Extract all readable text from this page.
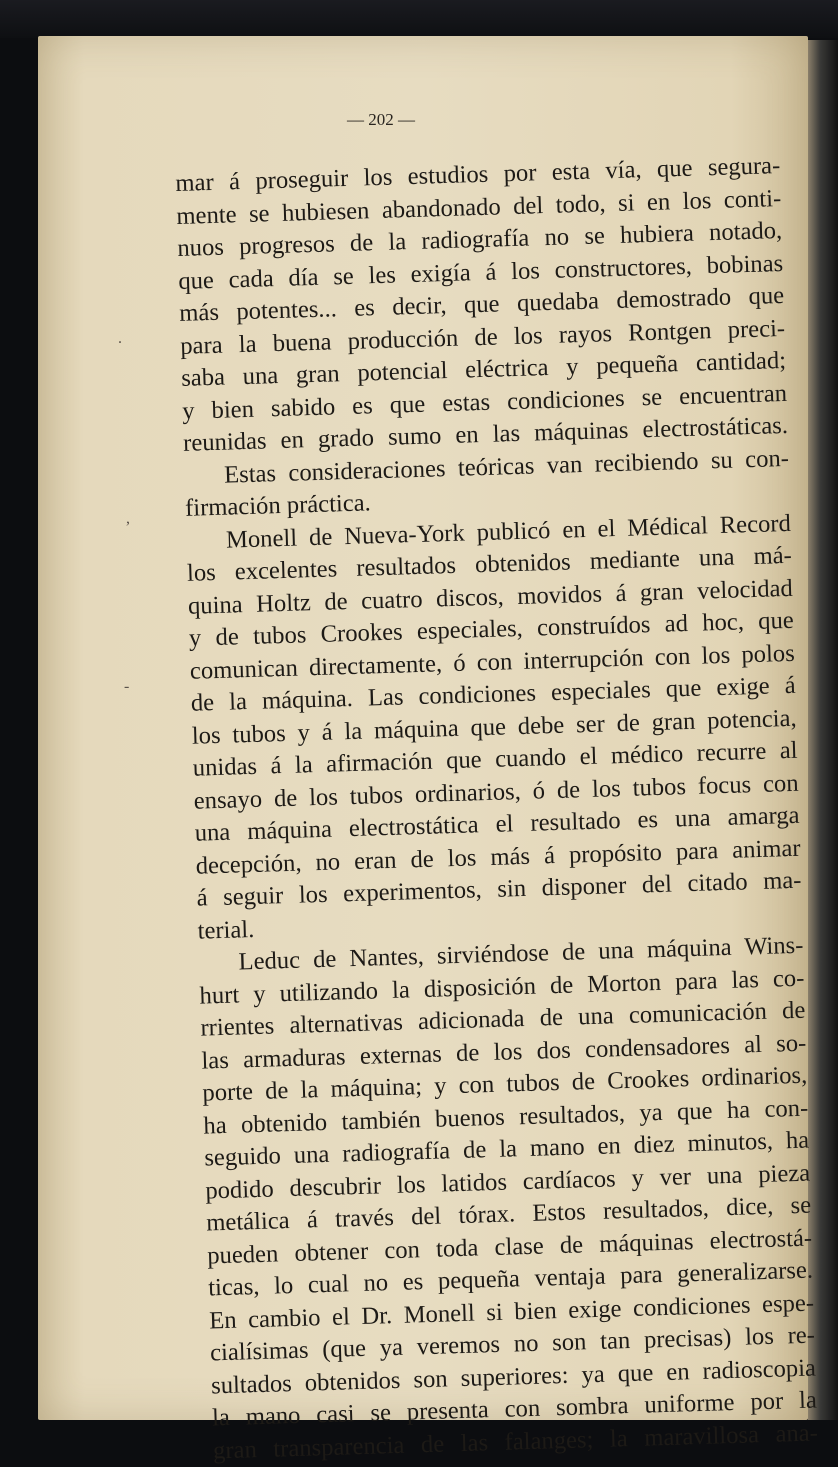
— 202 —
mar á proseguir los estudios por esta vía, que segura-
mente se hubiesen abandonado del todo, si en los conti-
nuos progresos de la radiografía no se hubiera notado,
que cada día se les exigía á los constructores, bobinas
más potentes... es decir, que quedaba demostrado que
para la buena producción de los rayos Rontgen preci-
saba una gran potencial eléctrica y pequeña cantidad;
y bien sabido es que estas condiciones se encuentran
reunidas en grado sumo en las máquinas electrostáticas.
Estas consideraciones teóricas van recibiendo su con-
firmación práctica.
Monell de Nueva-York publicó en el Médical Record
los excelentes resultados obtenidos mediante una má-
quina Holtz de cuatro discos, movidos á gran velocidad
y de tubos Crookes especiales, construídos ad hoc, que
comunican directamente, ó con interrupción con los polos
de la máquina. Las condiciones especiales que exige á
los tubos y á la máquina que debe ser de gran potencia,
unidas á la afirmación que cuando el médico recurre al
ensayo de los tubos ordinarios, ó de los tubos focus con
una máquina electrostática el resultado es una amarga
decepción, no eran de los más á propósito para animar
á seguir los experimentos, sin disponer del citado ma-
terial.
Leduc de Nantes, sirviéndose de una máquina Wins-
hurt y utilizando la disposición de Morton para las co-
rrientes alternativas adicionada de una comunicación de
las armaduras externas de los dos condensadores al so-
porte de la máquina; y con tubos de Crookes ordinarios,
ha obtenido también buenos resultados, ya que ha con-
seguido una radiografía de la mano en diez minutos, ha
podido descubrir los latidos cardíacos y ver una pieza
metálica á través del tórax. Estos resultados, dice, se
pueden obtener con toda clase de máquinas electrostá-
ticas, lo cual no es pequeña ventaja para generalizarse.
En cambio el Dr. Monell si bien exige condiciones espe-
cialísimas (que ya veremos no son tan precisas) los re-
sultados obtenidos son superiores: ya que en radioscopia
la mano casi se presenta con sombra uniforme por la
gran transparencia de las falanges; la maravillosa ana-
,
-
.
